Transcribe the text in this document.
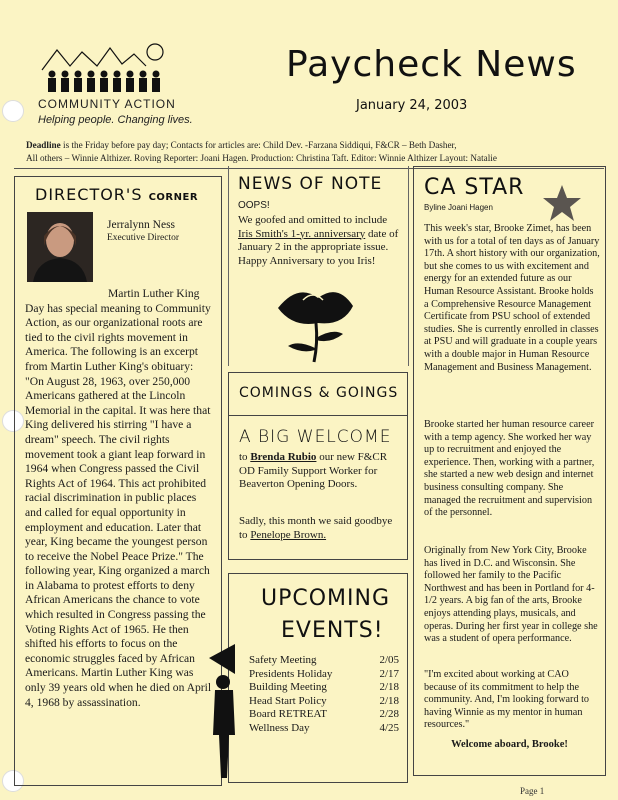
COMMUNITY ACTION
Helping people. Changing lives.
Paycheck News
January 24, 2003
Deadline is the Friday before pay day; Contacts for articles are: Child Dev. -Farzana Siddiqui, F&CR – Beth Dasher,
All others – Winnie Althizer. Roving Reporter: Joani Hagen. Production: Christina Taft. Editor: Winnie Althizer Layout: Natalie
DIRECTOR'S CORNER
Jerralynn Ness
Executive Director
Martin Luther King Day has special meaning to Community Action, as our organizational roots are tied to the civil rights movement in America. The following is an excerpt from Martin Luther King's obituary: "On August 28, 1963, over 250,000 Americans gathered at the Lincoln Memorial in the capital. It was here that King delivered his stirring "I have a dream" speech. The civil rights movement took a giant leap forward in 1964 when Congress passed the Civil Rights Act of 1964. This act prohibited racial discrimination in public places and called for equal opportunity in employment and education. Later that year, King became the youngest person to receive the Nobel Peace Prize." The following year, King organized a march in Alabama to protest efforts to deny African Americans the chance to vote which resulted in Congress passing the Voting Rights Act of 1965. He then shifted his efforts to focus on the economic struggles faced by African Americans. Martin Luther King was only 39 years old when he died on April 4, 1968 by assassination.
NEWS OF NOTE
OOPS!
We goofed and omitted to include Iris Smith's 1-yr. anniversary date of January 2 in the appropriate issue. Happy Anniversary to you Iris!
COMINGS & GOINGS
A BIG WELCOME
to Brenda Rubio our new F&CR OD Family Support Worker for Beaverton Opening Doors.
Sadly, this month we said goodbye to Penelope Brown.
UPCOMING
EVENTS!
Safety Meeting	2/05
Presidents Holiday	2/17
Building Meeting	2/18
Head Start Policy	2/18
Board RETREAT	2/28
Wellness Day	4/25
CA STAR
Byline Joani Hagen
This week's star, Brooke Zimet, has been with us for a total of ten days as of January 17th. A short history with our organization, but she comes to us with excitement and energy for an extended future as our Human Resource Assistant. Brooke holds a Comprehensive Resource Management Certificate from PSU school of extended studies. She is currently enrolled in classes at PSU and will graduate in a couple years with a double major in Human Resource Management and Business Management.
Brooke started her human resource career with a temp agency. She worked her way up to recruitment and enjoyed the experience. Then, working with a partner, she started a new web design and internet business consulting company. She managed the recruitment and supervision of the personnel.
Originally from New York City, Brooke has lived in D.C. and Wisconsin. She followed her family to the Pacific Northwest and has been in Portland for 4-1/2 years. A big fan of the arts, Brooke enjoys attending plays, musicals, and operas. During her first year in college she was a student of opera performance.
"I'm excited about working at CAO because of its commitment to help the community. And, I'm looking forward to having Winnie as my mentor in human resources."
Welcome aboard, Brooke!
Page 1
